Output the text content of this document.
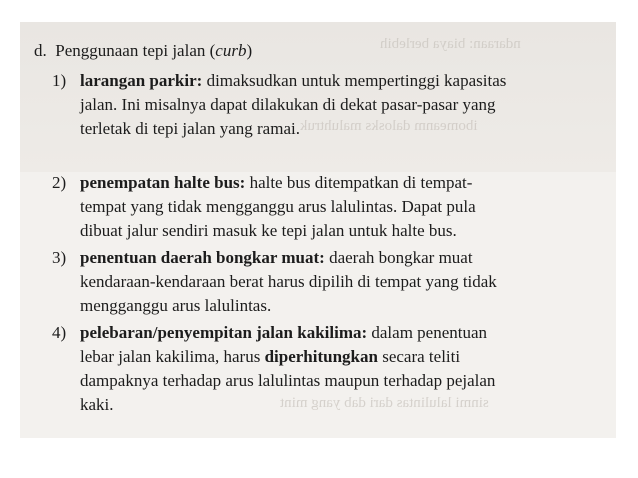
ndaraan: biaya berlebih
ibomeanm dalosks maluhtruk
sinmi lalulintas dari dab yang mint
d. Penggunaan tepi jalan (curb)
1) larangan parkir: dimaksudkan untuk mempertinggi kapasitas
jalan. Ini misalnya dapat dilakukan di dekat pasar-pasar yang
terletak di tepi jalan yang ramai.
2) penempatan halte bus: halte bus ditempatkan di tempat-
tempat yang tidak mengganggu arus lalulintas. Dapat pula
dibuat jalur sendiri masuk ke tepi jalan untuk halte bus.
3) penentuan daerah bongkar muat: daerah bongkar muat
kendaraan-kendaraan berat harus dipilih di tempat yang tidak
mengganggu arus lalulintas.
4) pelebaran/penyempitan jalan kakilima: dalam penentuan
lebar jalan kakilima, harus diperhitungkan secara teliti
dampaknya terhadap arus lalulintas maupun terhadap pejalan
kaki.
